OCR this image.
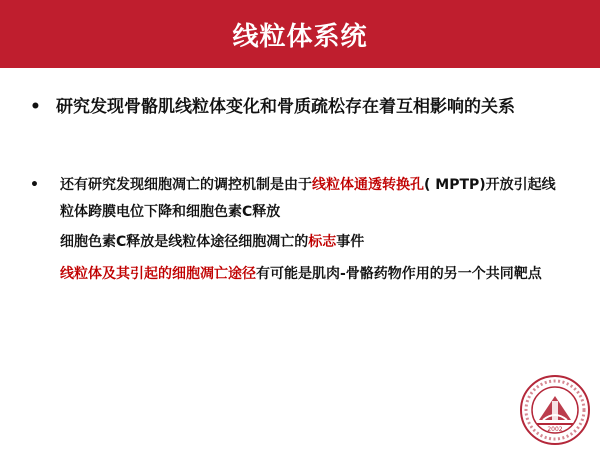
线粒体系统
• 研究发现骨骼肌线粒体变化和骨质疏松存在着互相影响的关系
•	还有研究发现细胞凋亡的调控机制是由于线粒体通透转换孔( MPTP)开放引起线粒体跨膜电位下降和细胞色素C释放
细胞色素C释放是线粒体途径细胞凋亡的标志事件
线粒体及其引起的细胞凋亡途径有可能是肌肉-骨骼药物作用的另一个共同靶点
2002
